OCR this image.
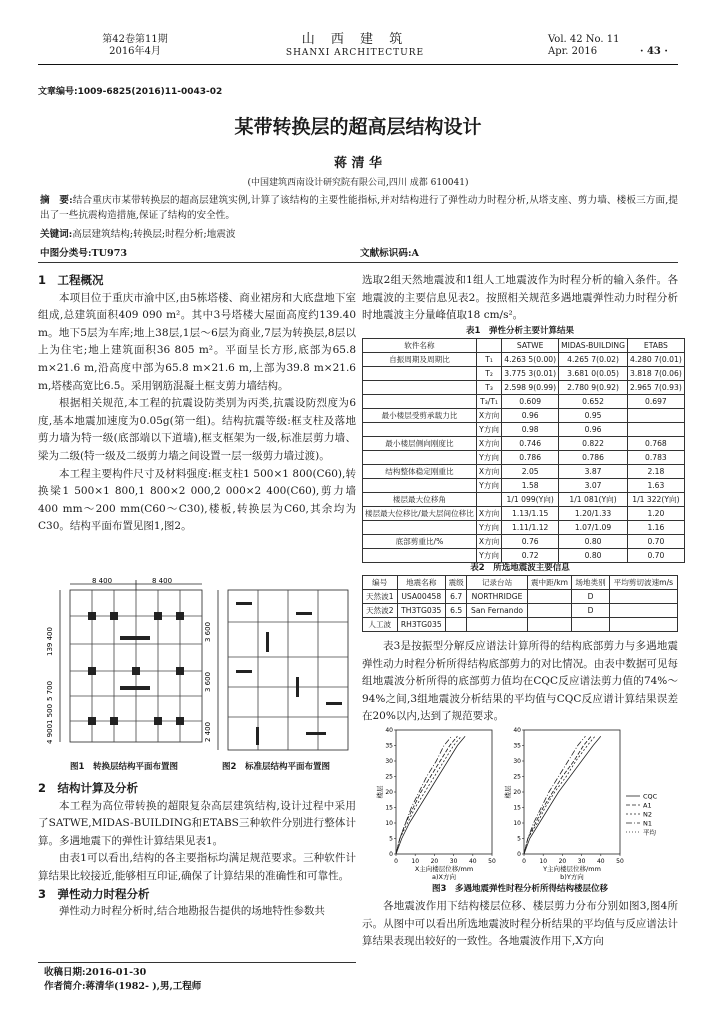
第42卷第11期
2016年4月
山 西 建 筑
SHANXI ARCHITECTURE
Vol. 42 No. 11
Apr. 2016	· 43 ·
文章编号:1009-6825(2016)11-0043-02
某带转换层的超高层结构设计
蒋 清 华
(中国建筑西南设计研究院有限公司,四川 成都 610041)
摘　要:结合重庆市某带转换层的超高层建筑实例,计算了该结构的主要性能指标,并对结构进行了弹性动力时程分析,从塔支座、剪力墙、楼板三方面,提出了一些抗震构造措施,保证了结构的安全性。
关键词:高层建筑结构;转换层;时程分析;地震波
中图分类号:TU973	文献标识码:A
1　工程概况

本项目位于重庆市渝中区,由5栋塔楼、商业裙房和大底盘地下室组成,总建筑面积409 090 m²。其中3号塔楼大屋面高度约139.40 m。地下5层为车库;地上38层,1层～6层为商业,7层为转换层,8层以上为住宅;地上建筑面积36 805 m²。平面呈长方形,底部为65.8 m×21.6 m,沿高度中部为65.8 m×21.6 m,上部为39.8 m×21.6 m,塔楼高宽比6.5。采用钢筋混凝土框支剪力墙结构。

根据相关规范,本工程的抗震设防类别为丙类,抗震设防烈度为6度,基本地震加速度为0.05g(第一组)。结构抗震等级:框支柱及落地剪力墙为特一级(底部端以下道墙),框支框架为一级,标准层剪力墙、梁为二级(特一级及二级剪力墙之间设置一层一级剪力墙过渡)。

本工程主要构件尺寸及材料强度:框支柱1 500×1 800(C60),转换梁1 500×1 800,1 800×2 000,2 000×2 400(C60),剪力墙400 mm～200 mm(C60～C30),楼板,转换层为C60,其余均为C30。结构平面布置见图1,图2。

8 400	8 400
139 400
5 700
1 500
4 900
图1　转换层结构平面布置图
3 600
3 600
2 400
图2　标准层结构平面布置图
2　结构计算及分析

本工程为高位带转换的超限复杂高层建筑结构,设计过程中采用了SATWE,MIDAS-BUILDING和ETABS三种软件分别进行整体计算。多遇地震下的弹性计算结果见表1。

由表1可以看出,结构的各主要指标均满足规范要求。三种软件计算结果比较接近,能够相互印证,确保了计算结果的准确性和可靠性。

3　弹性动力时程分析

弹性动力时程分析时,结合地勘报告提供的场地特性参数共

收稿日期:2016-01-30
作者简介:蒋清华(1982- ),男,工程师

选取2组天然地震波和1组人工地震波作为时程分析的输入条件。各地震波的主要信息见表2。按照相关规范多遇地震弹性动力时程分析时地震波主分量峰值取18 cm/s²。

表1　弹性分析主要计算结果
软件名称		SATWE	MIDAS-BUILDING	ETABS
自振周期及周期比	T₁	4.263 5(0.00)	4.265 7(0.02)	4.280 7(0.01)
	T₂	3.775 3(0.01)	3.681 0(0.05)	3.818 7(0.06)
	T₃	2.598 9(0.99)	2.780 9(0.92)	2.965 7(0.93)
	T₃/T₁	0.609	0.652	0.697
最小楼层受剪承载力比	X方向	0.96	0.95	
	Y方向	0.98	0.96	
最小楼层侧向刚度比	X方向	0.746	0.822	0.768
	Y方向	0.786	0.786	0.783
结构整体稳定刚重比	X方向	2.05	3.87	2.18
	Y方向	1.58	3.07	1.63
楼层最大位移角		1/1 099(Y向)	1/1 081(Y向)	1/1 322(Y向)
楼层最大位移比/最大层间位移比	X方向	1.13/1.15	1.20/1.33	1.20
	Y方向	1.11/1.12	1.07/1.09	1.16
底部剪重比/%	X方向	0.76	0.80	0.70
	Y方向	0.72	0.80	0.70
表2　所选地震波主要信息
编号	地震名称	震级	记录台站	震中距/km	场地类别	平均剪切波速m/s
天然波1	USA00458	6.7	NORTHRIDGE		D	
天然波2	TH3TG035	6.5	San Fernando		D	
人工波	RH3TG035					

表3是按振型分解反应谱法计算所得的结构底部剪力与多遇地震弹性动力时程分析所得结构底部剪力的对比情况。由表中数据可见每组地震波分析所得的底部剪力值均在CQC反应谱法剪力值的74%～94%之间,3组地震波分析结果的平均值与CQC反应谱计算结果误差在20%以内,达到了规范要求。

0 10 20 30 40 50
0
5
10
15
20
25
30
35
40
X主向楼层位移/mm
a)X方向
楼层
0 10 20 30 40 50
0
5
10
15
20
25
30
35
40
Y主向楼层位移/mm
b)Y方向
楼层	CQC
A1
N2
N1
平均
图3　多遇地震弹性时程分析所得结构楼层位移

各地震波作用下结构楼层位移、楼层剪力分布分别如图3,图4所示。从图中可以看出所选地震波时程分析结果的平均值与反应谱法计算结果表现出较好的一致性。各地震波作用下,X方向
